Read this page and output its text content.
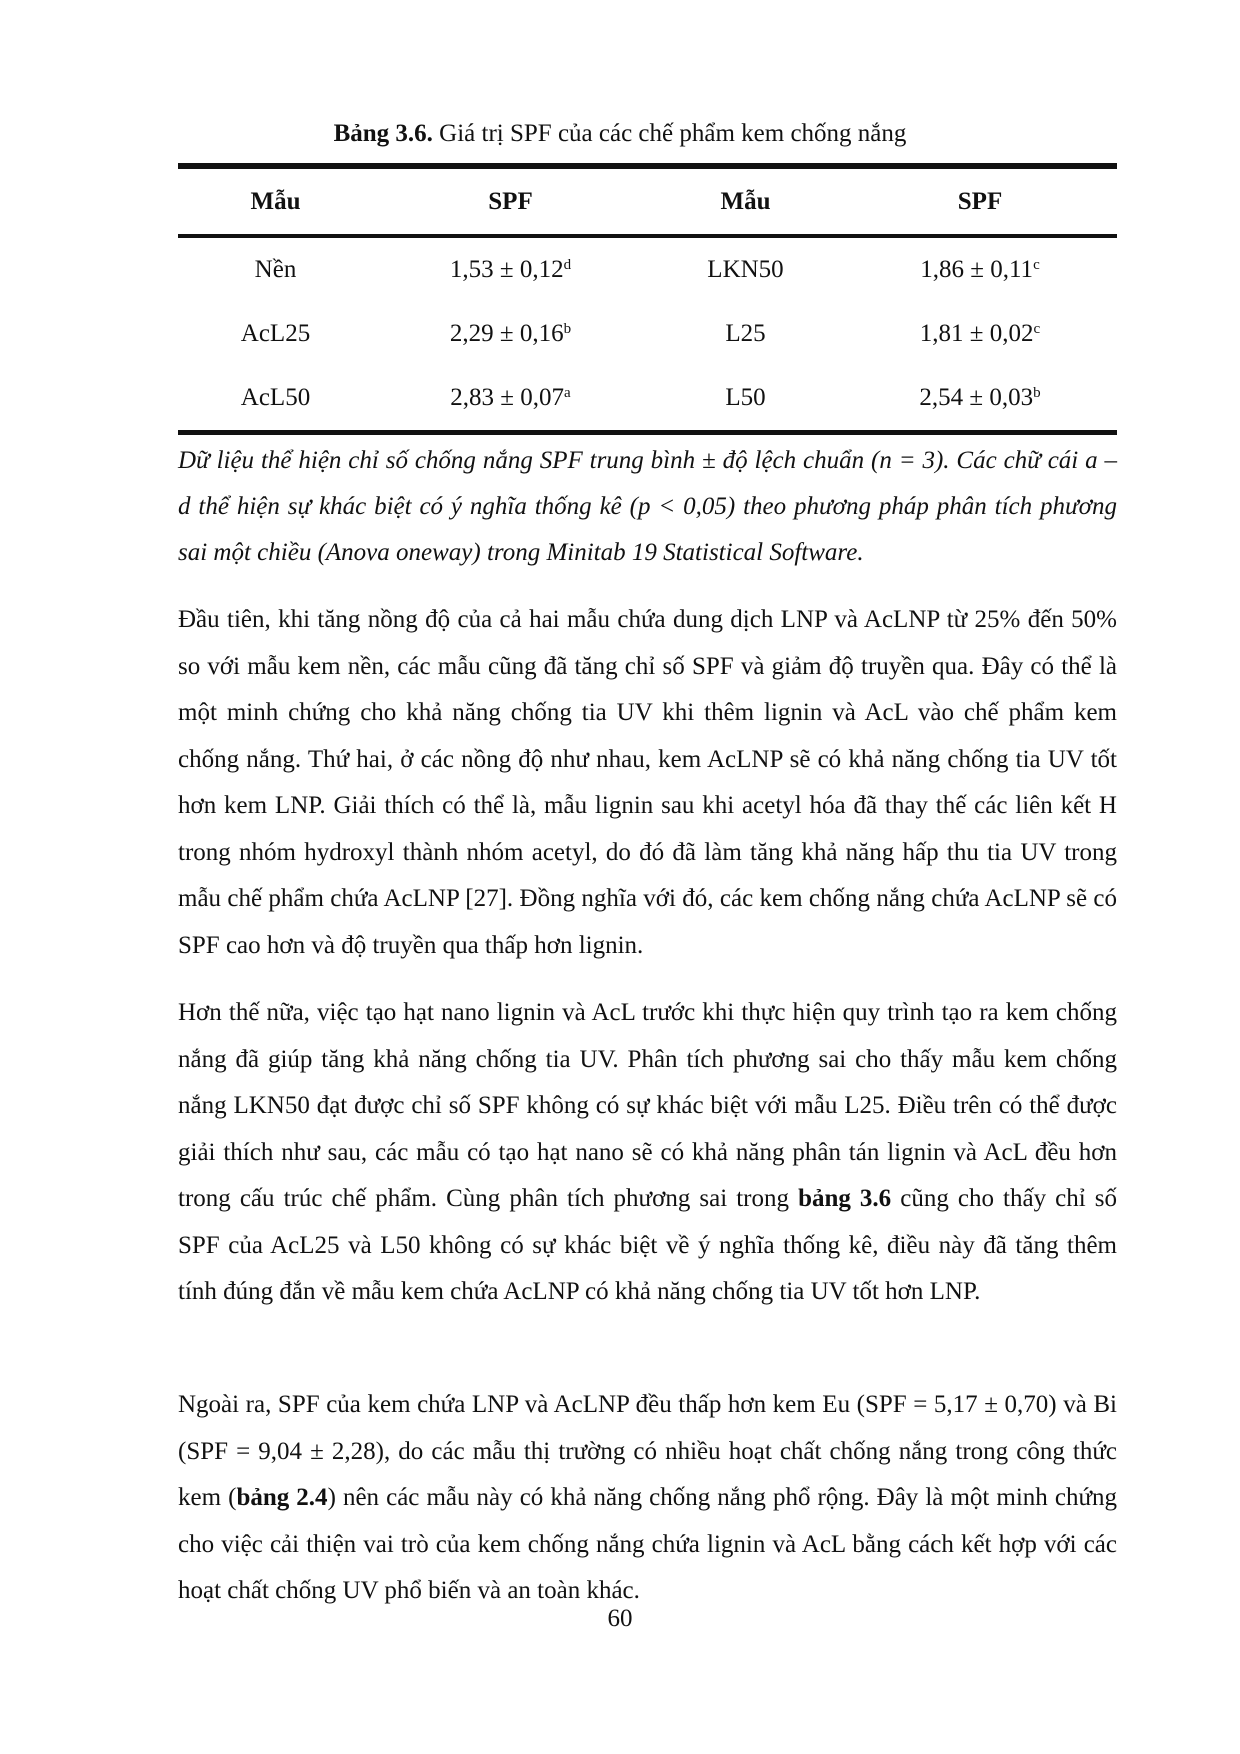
Bảng 3.6. Giá trị SPF của các chế phẩm kem chống nắng
Mẫu	SPF	Mẫu	SPF
Nền	1,53 ± 0,12$^d$	LKN50	1,86 ± 0,11$^c$
AcL25	2,29 ± 0,16$^b$	L25	1,81 ± 0,02$^c$
AcL50	2,83 ± 0,07$^a$	L50	2,54 ± 0,03$^b$
Dữ liệu thể hiện chỉ số chống nắng SPF trung bình ± độ lệch chuẩn (n = 3). Các chữ cái a – d thể hiện sự khác biệt có ý nghĩa thống kê (p < 0,05) theo phương pháp phân tích phương sai một chiều (Anova oneway) trong Minitab 19 Statistical Software.
Đầu tiên, khi tăng nồng độ của cả hai mẫu chứa dung dịch LNP và AcLNP từ 25% đến 50% so với mẫu kem nền, các mẫu cũng đã tăng chỉ số SPF và giảm độ truyền qua. Đây có thể là một minh chứng cho khả năng chống tia UV khi thêm lignin và AcL vào chế phẩm kem chống nắng. Thứ hai, ở các nồng độ như nhau, kem AcLNP sẽ có khả năng chống tia UV tốt hơn kem LNP. Giải thích có thể là, mẫu lignin sau khi acetyl hóa đã thay thế các liên kết H trong nhóm hydroxyl thành nhóm acetyl, do đó đã làm tăng khả năng hấp thu tia UV trong mẫu chế phẩm chứa AcLNP [27]. Đồng nghĩa với đó, các kem chống nắng chứa AcLNP sẽ có SPF cao hơn và độ truyền qua thấp hơn lignin.
Hơn thế nữa, việc tạo hạt nano lignin và AcL trước khi thực hiện quy trình tạo ra kem chống nắng đã giúp tăng khả năng chống tia UV. Phân tích phương sai cho thấy mẫu kem chống nắng LKN50 đạt được chỉ số SPF không có sự khác biệt với mẫu L25. Điều trên có thể được giải thích như sau, các mẫu có tạo hạt nano sẽ có khả năng phân tán lignin và AcL đều hơn trong cấu trúc chế phẩm. Cùng phân tích phương sai trong bảng 3.6 cũng cho thấy chỉ số SPF của AcL25 và L50 không có sự khác biệt về ý nghĩa thống kê, điều này đã tăng thêm tính đúng đắn về mẫu kem chứa AcLNP có khả năng chống tia UV tốt hơn LNP.
Ngoài ra, SPF của kem chứa LNP và AcLNP đều thấp hơn kem Eu (SPF = 5,17 ± 0,70) và Bi (SPF = 9,04 ± 2,28), do các mẫu thị trường có nhiều hoạt chất chống nắng trong công thức kem (bảng 2.4) nên các mẫu này có khả năng chống nắng phổ rộng. Đây là một minh chứng cho việc cải thiện vai trò của kem chống nắng chứa lignin và AcL bằng cách kết hợp với các hoạt chất chống UV phổ biến và an toàn khác.
60
